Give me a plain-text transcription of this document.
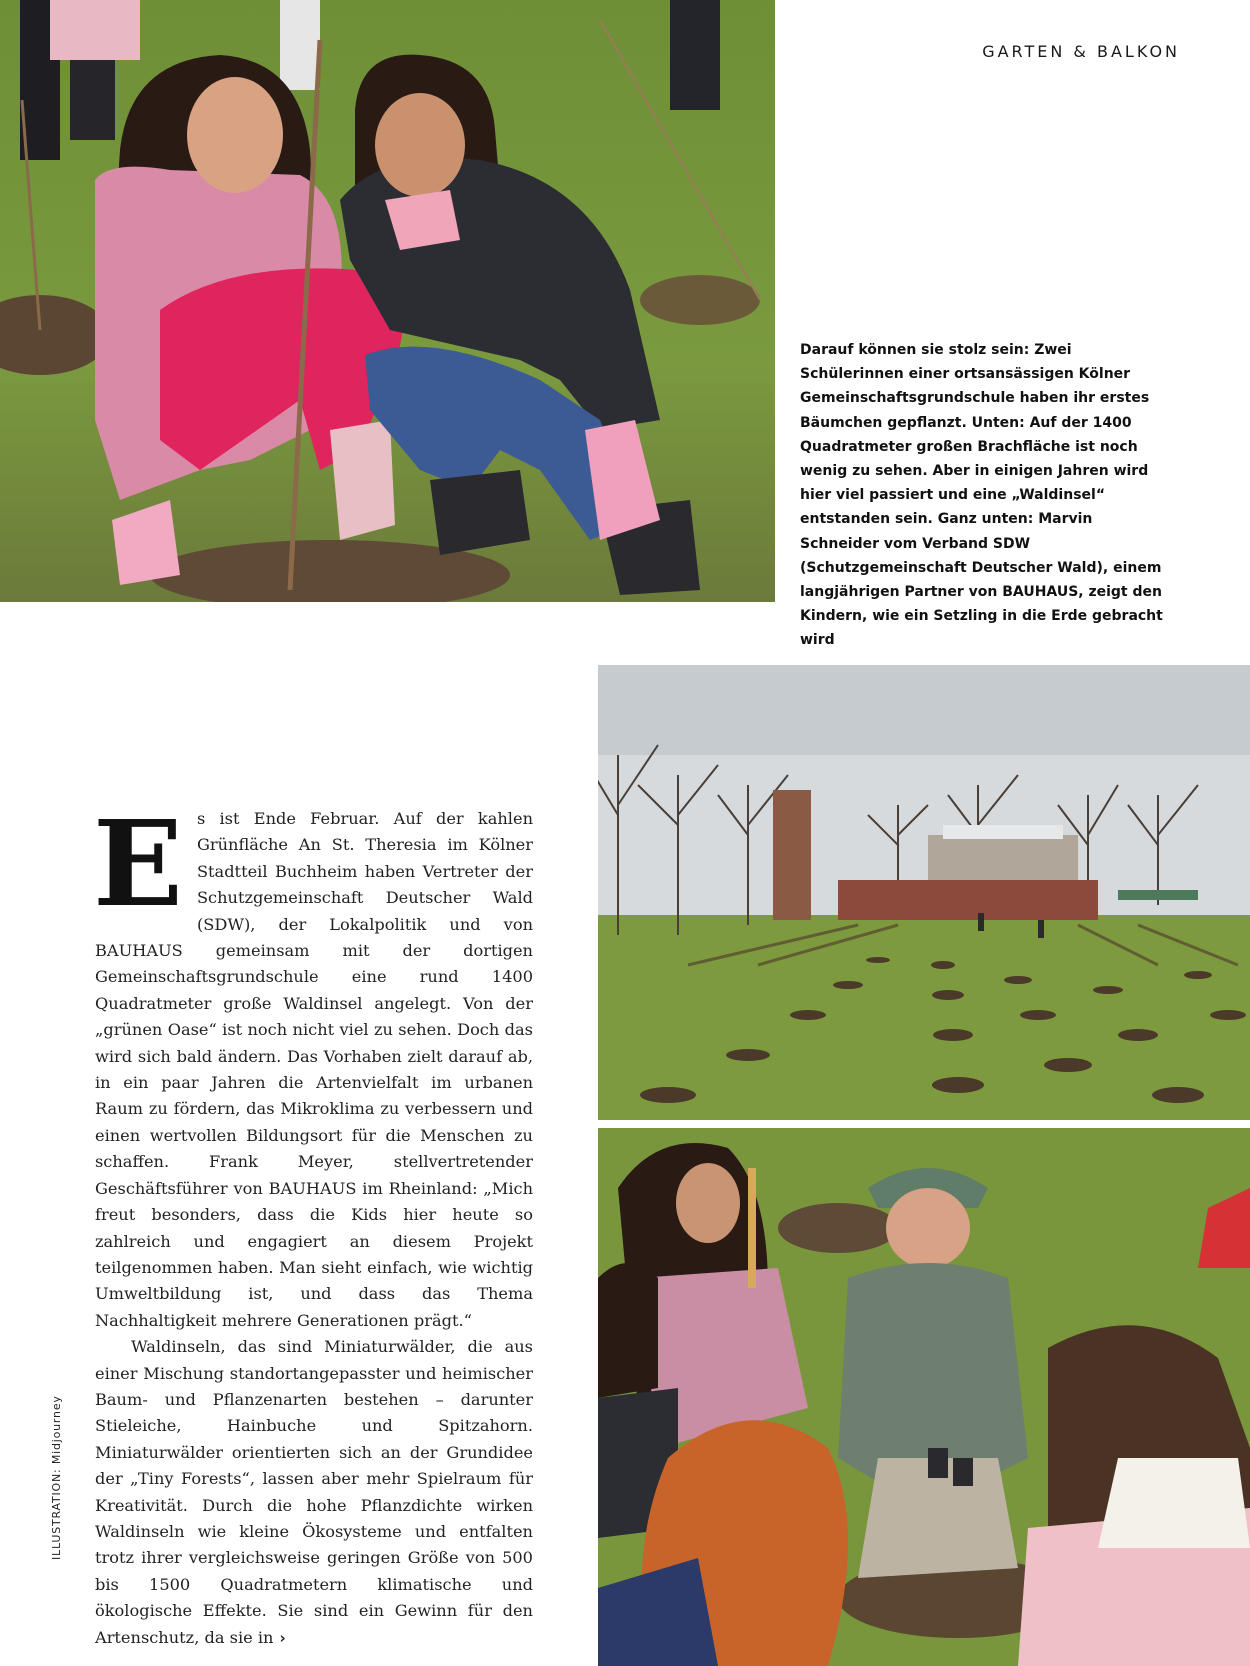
GARTEN & BALKON

Darauf können sie stolz sein: Zwei Schülerinnen einer ortsansässigen Kölner Gemeinschaftsgrundschule haben ihr erstes Bäumchen gepflanzt. Unten: Auf der 1400 Quadratmeter großen Brachfläche ist noch wenig zu sehen. Aber in einigen Jahren wird hier viel passiert und eine „Waldinsel“ entstanden sein. Ganz unten: Marvin Schneider vom Verband SDW (Schutzgemeinschaft Deutscher Wald), einem langjährigen Partner von BAUHAUS, zeigt den Kindern, wie ein Setzling in die Erde gebracht wird

ILLUSTRATION: Midjourney

Es ist Ende Februar. Auf der kahlen Grünfläche An St. Theresia im Kölner Stadtteil Buchheim haben Vertreter der Schutzgemeinschaft Deutscher Wald (SDW), der Lokalpolitik und von BAUHAUS gemeinsam mit der dortigen Gemeinschaftsgrundschule eine rund 1400 Quadratmeter große Waldinsel angelegt. Von der „grünen Oase“ ist noch nicht viel zu sehen. Doch das wird sich bald ändern. Das Vorhaben zielt darauf ab, in ein paar Jahren die Artenvielfalt im urbanen Raum zu fördern, das Mikroklima zu verbessern und einen wertvollen Bildungsort für die Menschen zu schaffen. Frank Meyer, stellvertretender Geschäftsführer von BAUHAUS im Rheinland: „Mich freut besonders, dass die Kids hier heute so zahlreich und engagiert an diesem Projekt teilgenommen haben. Man sieht einfach, wie wichtig Umweltbildung ist, und dass das Thema Nachhaltigkeit mehrere Generationen prägt.“

Waldinseln, das sind Miniaturwälder, die aus einer Mischung standortangepasster und heimischer Baum- und Pflanzenarten bestehen – darunter Stieleiche, Hainbuche und Spitzahorn. Miniaturwälder orientierten sich an der Grundidee der „Tiny Forests“, lassen aber mehr Spielraum für Kreativität. Durch die hohe Pflanzdichte wirken Waldinseln wie kleine Ökosysteme und entfalten trotz ihrer vergleichsweise geringen Größe von 500 bis 1500 Quadratmetern klimatische und ökologische Effekte. Sie sind ein Gewinn für den Artenschutz, da sie in ›
